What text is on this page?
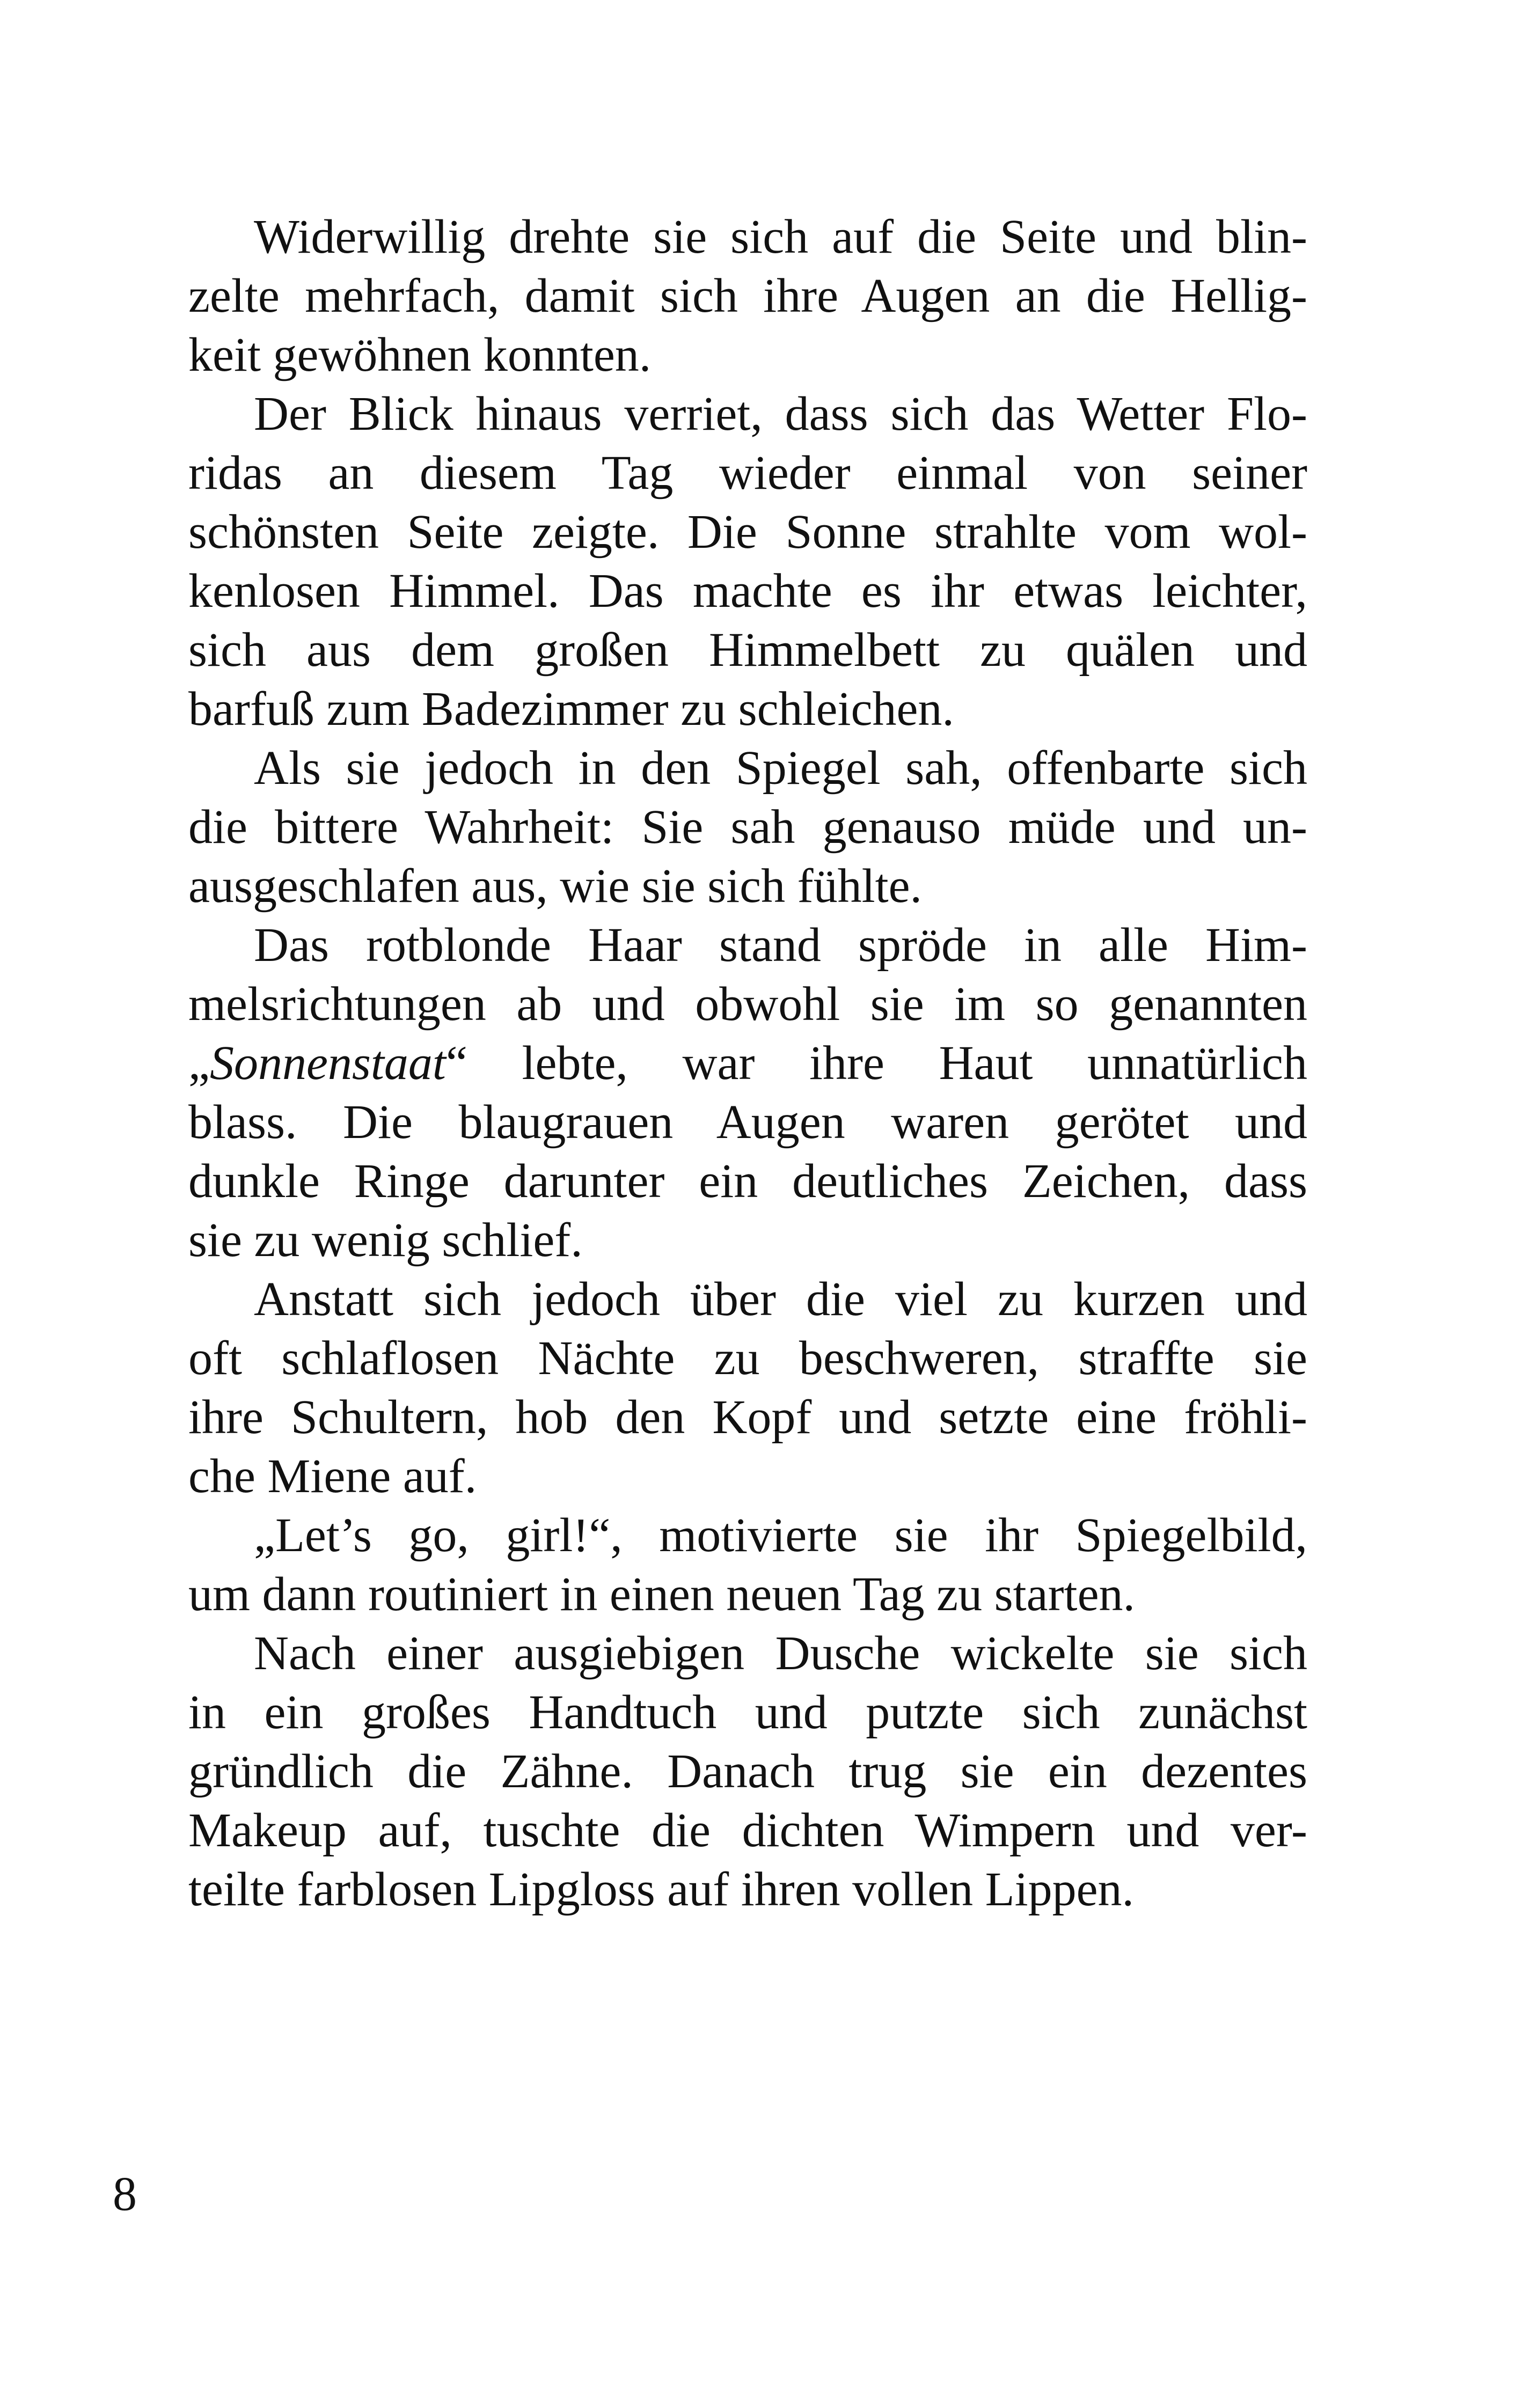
Widerwillig drehte sie sich auf die Seite und blin-
zelte mehrfach, damit sich ihre Augen an die Hellig-
keit gewöhnen konnten.
Der Blick hinaus verriet, dass sich das Wetter Flo-
ridas an diesem Tag wieder einmal von seiner
schönsten Seite zeigte. Die Sonne strahlte vom wol-
kenlosen Himmel. Das machte es ihr etwas leichter,
sich aus dem großen Himmelbett zu quälen und
barfuß zum Badezimmer zu schleichen.
Als sie jedoch in den Spiegel sah, offenbarte sich
die bittere Wahrheit: Sie sah genauso müde und un-
ausgeschlafen aus, wie sie sich fühlte.
Das rotblonde Haar stand spröde in alle Him-
melsrichtungen ab und obwohl sie im so genannten
„Sonnenstaat“ lebte, war ihre Haut unnatürlich
blass. Die blaugrauen Augen waren gerötet und
dunkle Ringe darunter ein deutliches Zeichen, dass
sie zu wenig schlief.
Anstatt sich jedoch über die viel zu kurzen und
oft schlaflosen Nächte zu beschweren, straffte sie
ihre Schultern, hob den Kopf und setzte eine fröhli-
che Miene auf.
„Let’s go, girl!“, motivierte sie ihr Spiegelbild,
um dann routiniert in einen neuen Tag zu starten.
Nach einer ausgiebigen Dusche wickelte sie sich
in ein großes Handtuch und putzte sich zunächst
gründlich die Zähne. Danach trug sie ein dezentes
Makeup auf, tuschte die dichten Wimpern und ver-
teilte farblosen Lipgloss auf ihren vollen Lippen.
8
